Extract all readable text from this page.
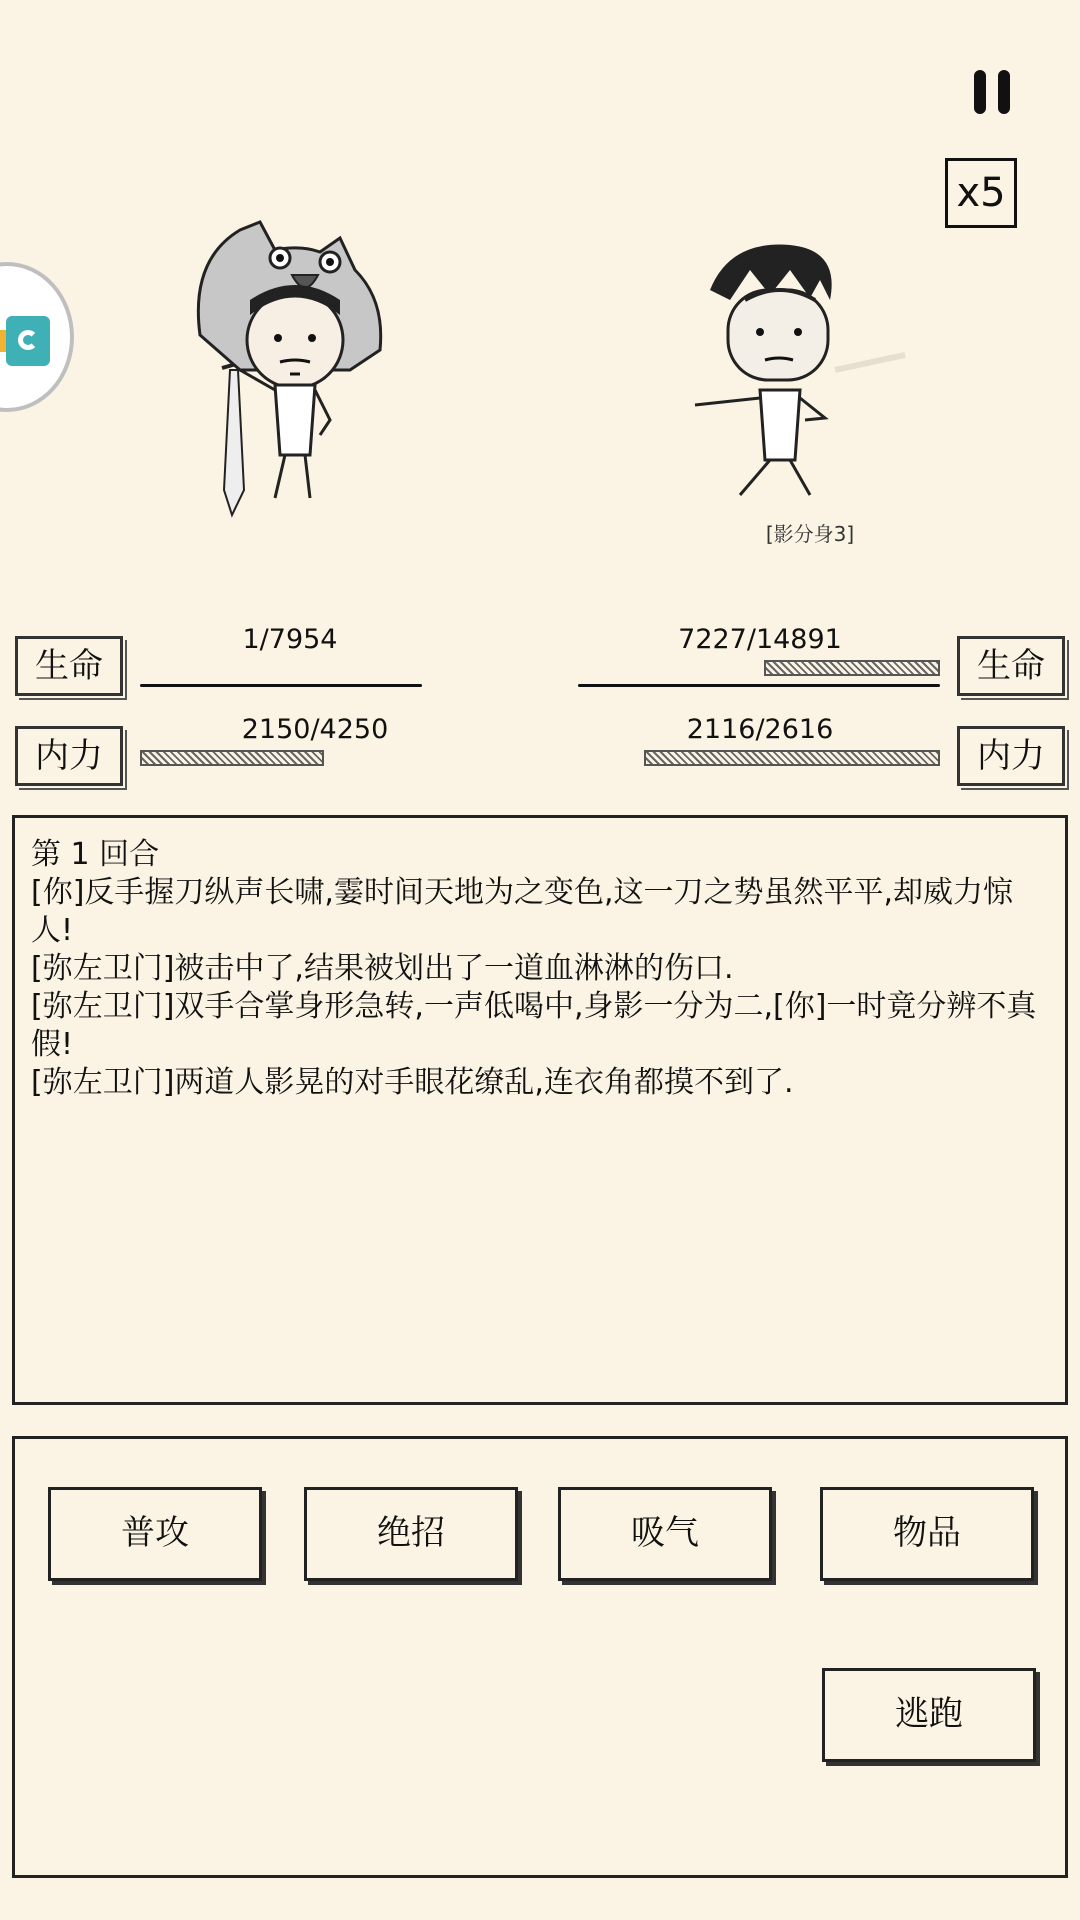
x5
[影分身3]
生命
1/7954
内力
2150/4250
生命
7227/14891
内力
2116/2616

第 1 回合

[你]反手握刀纵声长啸,霎时间天地为之变色,这一刀之势虽然平平,却威力惊人!

[弥左卫门]被击中了,结果被划出了一道血淋淋的伤口.

[弥左卫门]双手合掌身形急转,一声低喝中,身影一分为二,[你]一时竟分辨不真假!

[弥左卫门]两道人影晃的对手眼花缭乱,连衣角都摸不到了.

普攻	绝招	吸气	物品
逃跑
